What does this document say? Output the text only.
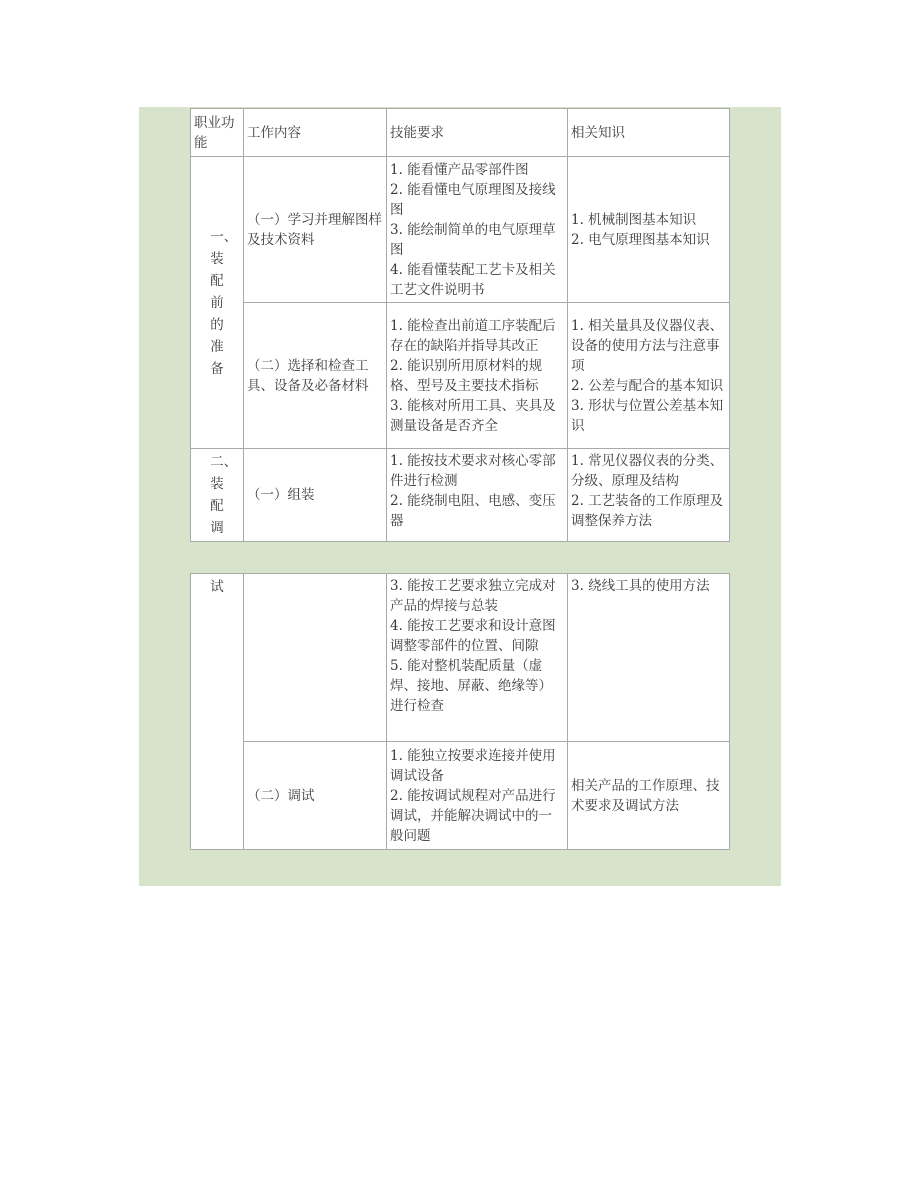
职业功能	工作内容	技能要求	相关知识
一、装配前的准备	（一）学习并理解图样及技术资料	1. 能看懂产品零部件图
2. 能看懂电气原理图及接线图
3. 能绘制简单的电气原理草图
4. 能看懂装配工艺卡及相关工艺文件说明书	1. 机械制图基本知识
2. 电气原理图基本知识
	（二）选择和检查工具、设备及必备材料	1. 能检查出前道工序装配后存在的缺陷并指导其改正
2. 能识别所用原材料的规格、型号及主要技术指标
3. 能核对所用工具、夹具及测量设备是否齐全	1. 相关量具及仪器仪表、设备的使用方法与注意事项
2. 公差与配合的基本知识
3. 形状与位置公差基本知识
二、装配调	（一）组装	1. 能按技术要求对核心零部件进行检测
2. 能绕制电阻、电感、变压器	1. 常见仪器仪表的分类、分级、原理及结构
2. 工艺装备的工作原理及调整保养方法
试		3. 能按工艺要求独立完成对产品的焊接与总装
4. 能按工艺要求和设计意图调整零部件的位置、间隙
5. 能对整机装配质量（虚焊、接地、屏蔽、绝缘等）进行检查	3. 绕线工具的使用方法
	（二）调试	1. 能独立按要求连接并使用调试设备
2. 能按调试规程对产品进行调试，并能解决调试中的一般问题	相关产品的工作原理、技术要求及调试方法
